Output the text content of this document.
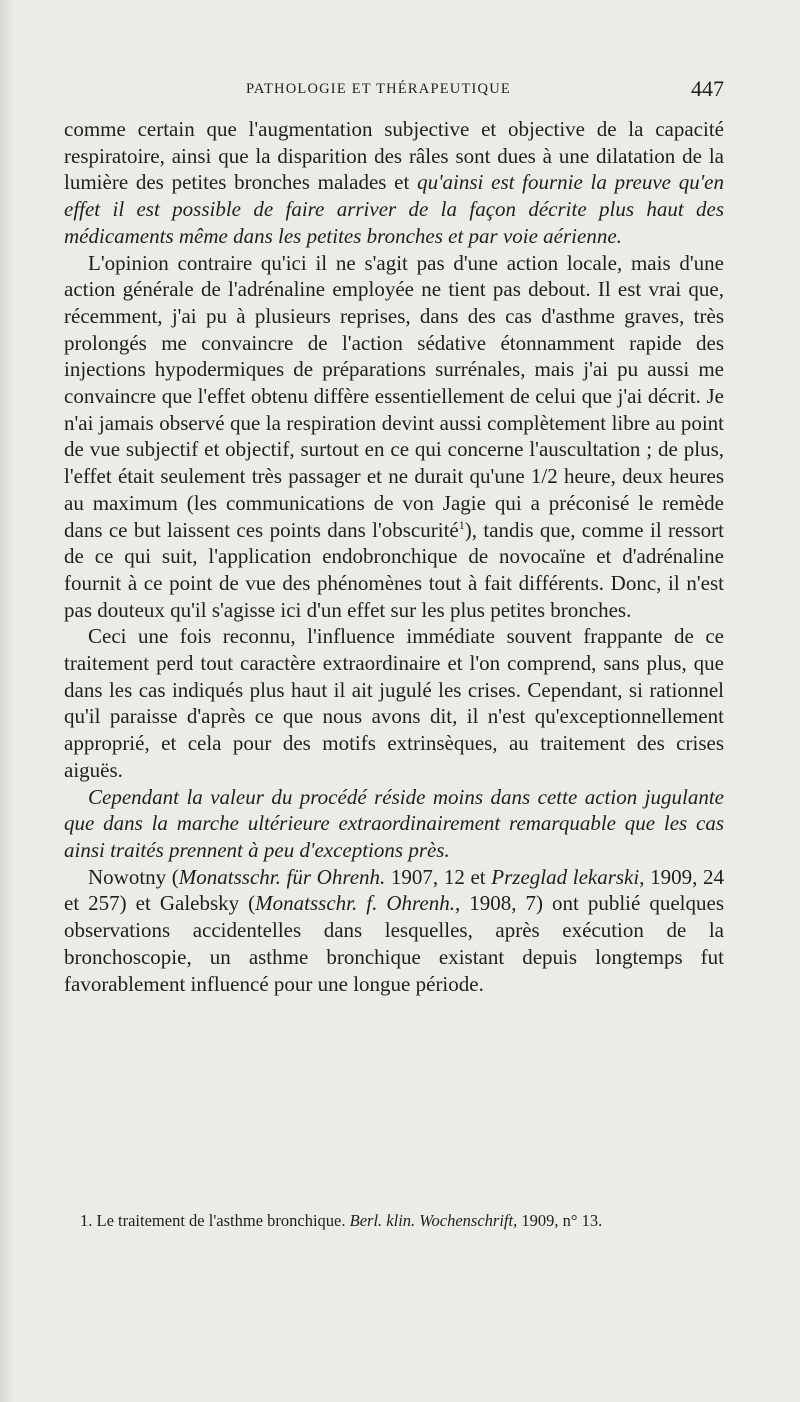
PATHOLOGIE ET THÉRAPEUTIQUE	447

comme certain que l'augmentation subjective et objective de la capacité respiratoire, ainsi que la disparition des râles sont dues à une dilatation de la lumière des petites bronches malades et qu'ainsi est fournie la preuve qu'en effet il est possible de faire arriver de la façon décrite plus haut des médicaments même dans les petites bronches et par voie aérienne.

L'opinion contraire qu'ici il ne s'agit pas d'une action locale, mais d'une action générale de l'adrénaline employée ne tient pas debout. Il est vrai que, récemment, j'ai pu à plusieurs reprises, dans des cas d'asthme graves, très prolongés me convaincre de l'action sédative étonnamment rapide des injections hypodermiques de préparations surrénales, mais j'ai pu aussi me convaincre que l'effet obtenu diffère essentiellement de celui que j'ai décrit. Je n'ai jamais observé que la respiration devint aussi complètement libre au point de vue subjectif et objectif, surtout en ce qui concerne l'auscultation ; de plus, l'effet était seulement très passager et ne durait qu'une 1/2 heure, deux heures au maximum (les communications de von Jagie qui a préconisé le remède dans ce but laissent ces points dans l'obscurité$^1$), tandis que, comme il ressort de ce qui suit, l'application endobronchique de novocaïne et d'adrénaline fournit à ce point de vue des phénomènes tout à fait différents. Donc, il n'est pas douteux qu'il s'agisse ici d'un effet sur les plus petites bronches.

Ceci une fois reconnu, l'influence immédiate souvent frappante de ce traitement perd tout caractère extraordinaire et l'on comprend, sans plus, que dans les cas indiqués plus haut il ait jugulé les crises. Cependant, si rationnel qu'il paraisse d'après ce que nous avons dit, il n'est qu'exceptionnellement approprié, et cela pour des motifs extrinsèques, au traitement des crises aiguës.

Cependant la valeur du procédé réside moins dans cette action jugulante que dans la marche ultérieure extraordinairement remarquable que les cas ainsi traités prennent à peu d'exceptions près.

Nowotny (Monatsschr. für Ohrenh. 1907, 12 et Przeglad lekarski, 1909, 24 et 257) et Galebsky (Monatsschr. f. Ohrenh., 1908, 7) ont publié quelques observations accidentelles dans lesquelles, après exécution de la bronchoscopie, un asthme bronchique existant depuis longtemps fut favorablement influencé pour une longue période.

1. Le traitement de l'asthme bronchique. Berl. klin. Wochenschrift, 1909, n° 13.
